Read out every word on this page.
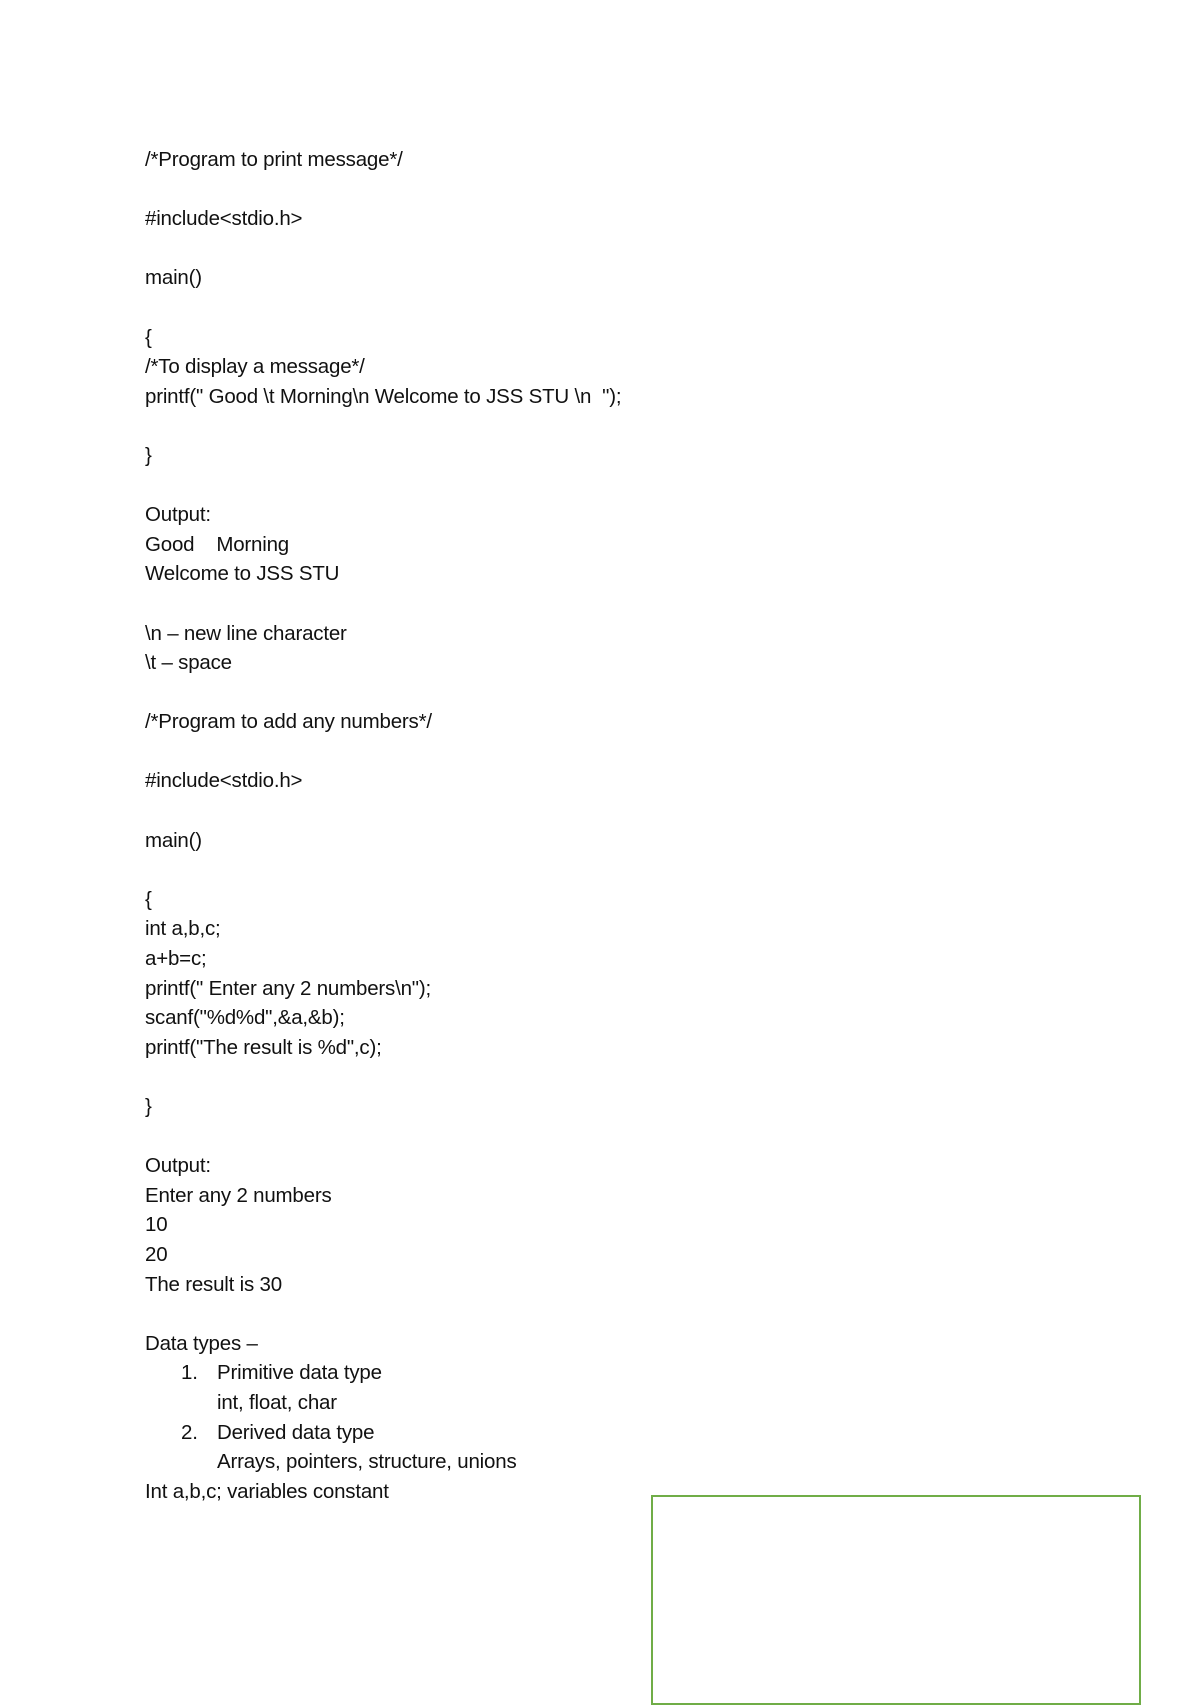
/*Program to print message*/
#include<stdio.h>
main()
{
/*To display a message*/
printf(" Good \t Morning\n Welcome to JSS STU \n  ");
}
Output:
Good    Morning
Welcome to JSS STU
\n – new line character
\t – space
/*Program to add any numbers*/
#include<stdio.h>
main()
{
int a,b,c;
a+b=c;
printf(" Enter any 2 numbers\n");
scanf("%d%d",&a,&b);
printf("The result is %d",c);
}
Output:
Enter any 2 numbers
10
20
The result is 30
Data types –
1. Primitive data type
int, float, char
2. Derived data type
Arrays, pointers, structure, unions
Int a,b,c; variables constant
